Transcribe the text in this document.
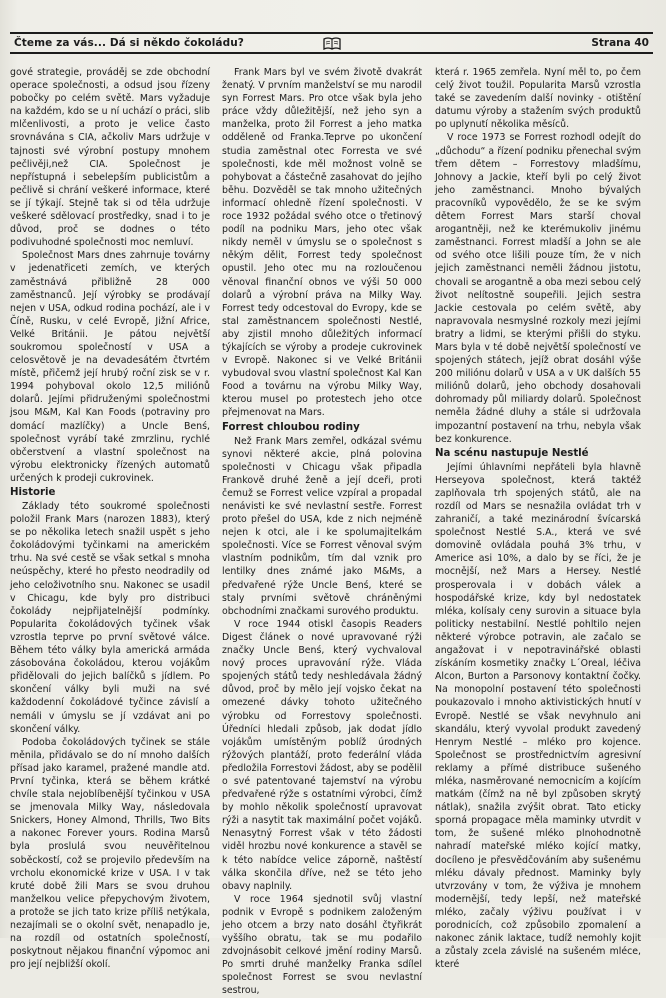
Čteme za vás... Dá si někdo čokoládu?	Strana 40

gové strategie, prováděj se zde obchodní operace společnosti, a odsud jsou řízeny pobočky po celém světě. Mars vyžaduje na každém, kdo se u ní uchází o práci, slib mlčenlivosti, a proto je velice často srovnávána s CIA, ačkoliv Mars udržuje v tajnosti své výrobní postupy mnohem pečlivěji,než CIA. Společnost je nepřístupná i sebelepším publicistům a pečlivě si chrání veškeré informace, které se jí týkají. Stejně tak si od těla udržuje veškeré sdělovací prostředky, snad i to je důvod, proč se dodnes o této podivuhodné společnosti moc nemluví.

Společnost Mars dnes zahrnuje továrny v jedenatřiceti zemích, ve kterých zaměstnává přibližně 28 000 zaměstnanců. Její výrobky se prodávají nejen v USA, odkud rodina pochází, ale i v Číně, Rusku, v celé Evropě, Jižní Africe, Velké Británii. Je pátou největší soukromou společností v USA a celosvětově je na devadesátém čtvrtém místě, přičemž její hrubý roční zisk se v r. 1994 pohyboval okolo 12,5 miliónů dolarů. Jejími přidruženými společnostmi jsou M&M, Kal Kan Foods (potraviny pro domácí mazlíčky) a Uncle Benś, společnost vyrábí také zmrzlinu, rychlé občerstvení a vlastní společnost na výrobu elektronicky řízených automatů určených k prodeji cukrovinek.

Historie

Základy této soukromé společnosti položil Frank Mars (narozen 1883), který se po několika letech snažil uspět s jeho čokoládovými tyčinkami na americkém trhu. Na své cestě se však setkal s mnoha neúspěchy, které ho přesto neodradily od jeho celoživotního snu. Nakonec se usadil v Chicagu, kde byly pro distribuci čokolády nejpřijatelnější podmínky. Popularita čokoládových tyčinek však vzrostla teprve po první světové válce. Během této války byla americká armáda zásobována čokoládou, kterou vojákům přidělovali do jejich balíčků s jídlem. Po skončení války byli muži na své každodenní čokoládové tyčince závislí a nemáli v úmyslu se jí vzdávat ani po skončení války.

Podoba čokoládových tyčinek se stále měnila, přidávalo se do ní mnoho dalších přísad jako karamel, pražené mandle atd. První tyčinka, která se během krátké chvíle stala nejoblíbenější tyčinkou v USA se jmenovala Milky Way, následovala Snickers, Honey Almond, Thrills, Two Bits a nakonec Forever yours. Rodina Marsů byla proslulá svou neuvěřitelnou soběckostí, což se projevilo především na vrcholu ekonomické krize v USA. I v tak kruté době žili Mars se svou druhou manželkou velice přepychovým životem, a protože se jich tato krize příliš netýkala, nezajímali se o okolní svět, nenapadlo je, na rozdíl od ostatních společností, poskytnout nějakou finanční výpomoc ani pro její nejbližší okolí.

Frank Mars byl ve svém životě dvakrát ženatý. V prvním manželství se mu narodil syn Forrest Mars. Pro otce však byla jeho práce vždy důležitější, než jeho syn a manželka, proto žil Forrest a jeho matka odděleně od Franka.Teprve po ukončení studia zaměstnal otec Forresta ve své společnosti, kde měl možnost volně se pohybovat a částečně zasahovat do jejího běhu. Dozvěděl se tak mnoho užitečných informací ohledně řízení společnosti. V roce 1932 požádal svého otce o třetinový podíl na podniku Mars, jeho otec však nikdy neměl v úmyslu se o společnost s někým dělit, Forrest tedy společnost opustil. Jeho otec mu na rozloučenou věnoval finanční obnos ve výši 50 000 dolarů a výrobní práva na Milky Way. Forrest tedy odcestoval do Evropy, kde se stal zaměstnancem společnosti Nestlé, aby zjistil mnoho důležitých informací týkajících se výroby a prodeje cukrovinek v Evropě. Nakonec si ve Velké Británii vybudoval svou vlastní společnost Kal Kan Food a továrnu na výrobu Milky Way, kterou musel po protestech jeho otce přejmenovat na Mars.

Forrest chloubou rodiny

Než Frank Mars zemřel, odkázal svému synovi některé akcie, plná polovina společnosti v Chicagu však připadla Frankově druhé ženě a její dceři, proti čemuž se Forrest velice vzpíral a propadal nenávisti ke své nevlastní sestře. Forrest proto přešel do USA, kde z nich nejméně nejen k otci, ale i ke spolumajitelkám společnosti. Více se Forrest věnoval svým vlastním podnikům, tím dal vznik pro lentilky dnes známé jako M&Ms, a předvařené rýže Uncle Benś, které se staly prvními světově chráněnými obchodními značkami surového produktu.

V roce 1944 otiskl časopis Readers Digest článek o nové upravované rýži značky Uncle Benś, který vychvaloval nový proces upravování rýže. Vláda spojených států tedy neshledávala žádný důvod, proč by mělo její vojsko čekat na omezené dávky tohoto užitečného výrobku od Forrestovy společnosti. Úředníci hledali způsob, jak dodat jídlo vojákům umístěným poblíž úrodných rýžových plantáží, proto federální vláda předložila Forrestovi žádost, aby se podělil o své patentované tajemství na výrobu předvařené rýže s ostatními výrobci, čímž by mohlo několik společností upravovat rýži a nasytit tak maximální počet vojáků. Nenasytný Forrest však v této žádosti viděl hrozbu nové konkurence a stavěl se k této nabídce velice záporně, naštěstí válka skončila dříve, než se této jeho obavy naplnily.

V roce 1964 sjednotil svůj vlastní podnik v Evropě s podnikem založeným jeho otcem a brzy nato dosáhl čtyřikrát vyššího obratu, tak se mu podařilo zdvojnásobit celkové jmění rodiny Marsů. Po smrti druhé manželky Franka sdílel společnost Forrest se svou nevlastní sestrou,

která r. 1965 zemřela. Nyní měl to, po čem celý život toužil. Popularita Marsů vzrostla také se zavedením další novinky - otištění datumu výroby a stažením svých produktů po uplynutí několika měsíců.

V roce 1973 se Forrest rozhodl odejít do „důchodu“ a řízení podniku přenechal svým třem dětem – Forrestovy mladšímu, Johnovy a Jackie, kteří byli po celý život jeho zaměstnanci. Mnoho bývalých pracovníků vypovědělo, že se ke svým dětem Forrest Mars starší choval arogantněji, než ke kterémukoliv jinému zaměstnanci. Forrest mladší a John se ale od svého otce lišili pouze tím, že v nich jejich zaměstnanci neměli žádnou jistotu, chovali se arogantně a oba mezi sebou celý život nelítostně soupeřili. Jejich sestra Jackie cestovala po celém světě, aby napravovala nesmyslné rozkoly mezi jejími bratry a lidmi, se kterými přišli do styku. Mars byla v té době největší společností ve spojených státech, jejíž obrat dosáhl výše 200 miliónu dolarů v USA a v UK dalších 55 miliónů dolarů, jeho obchody dosahovali dohromady půl miliardy dolarů. Společnost neměla žádné dluhy a stále si udržovala impozantní postavení na trhu, nebyla však bez konkurence.

Na scénu nastupuje Nestlé

Jejími úhlavními nepřáteli byla hlavně Herseyova společnost, která taktéž zaplňovala trh spojených států, ale na rozdíl od Mars se nesnažila ovládat trh v zahraničí, a také mezinárodní švícarská společnost Nestlé S.A., která ve své domovině ovládala pouhá 3% trhu, v Americe asi 10%, a dalo by se říci, že je mocnější, než Mars a Hersey. Nestlé prosperovala i v dobách válek a hospodářské krize, kdy byl nedostatek mléka, kolísaly ceny surovin a situace byla politicky nestabilní. Nestlé pohltilo nejen některé výrobce potravin, ale začalo se angažovat i v nepotravinářské oblasti získáním kosmetiky značky L´Oreal, léčiva Alcon, Burton a Parsonovy kontaktní čočky. Na monopolní postavení této společnosti poukazovalo i mnoho aktivistických hnutí v Evropě. Nestlé se však nevyhnulo ani skandálu, který vyvolal produkt zavedený Henrym Nestlé – mléko pro kojence. Společnost se prostřednictvím agresivní reklamy a přímé distribuce sušeného mléka, nasměrované nemocnicím a kojícím matkám (čímž na ně byl způsoben skrytý nátlak), snažila zvýšit obrat. Tato eticky sporná propagace měla maminky utvrdit v tom, že sušené mléko plnohodnotně nahradí mateřské mléko kojící matky, docíleno je přesvědčováním aby sušenému mléku dávaly přednost. Maminky byly utvrzovány v tom, že výživa je mnohem modernější, tedy lepší, než mateřské mléko, začaly výživu používat i v porodnicích, což způsobilo zpomalení a nakonec zánik laktace, tudíž nemohly kojit a zůstaly zcela závislé na sušeném mléce, které
